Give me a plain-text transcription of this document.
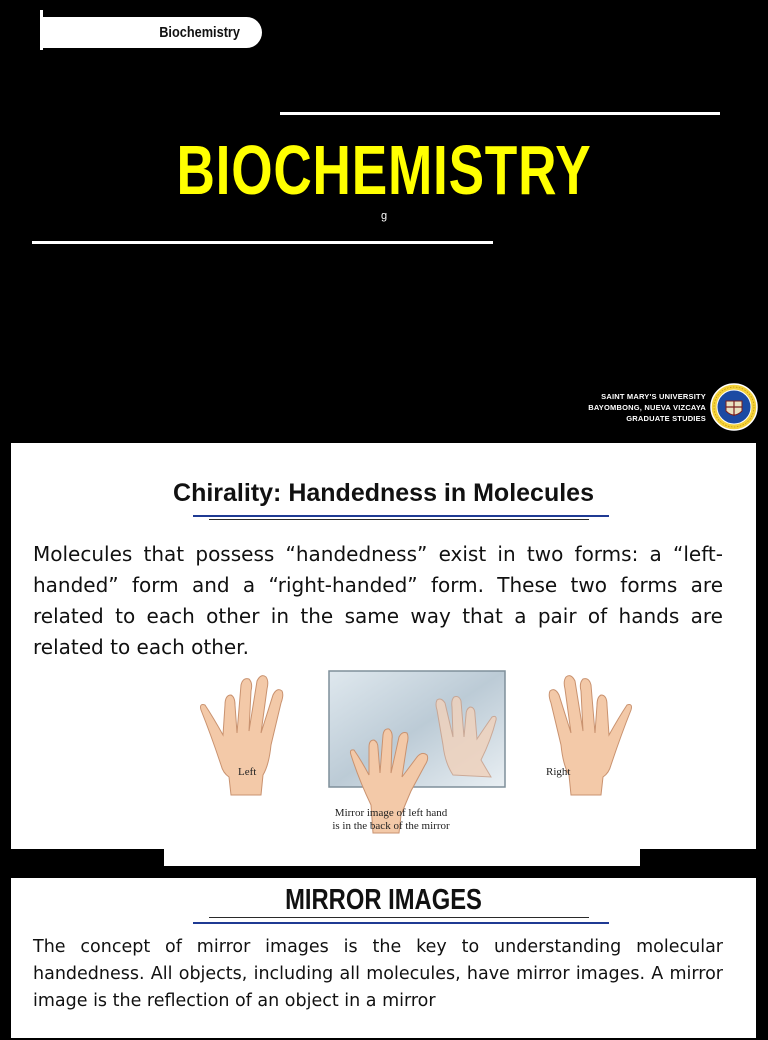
Biochemistry
BIOCHEMISTRY
g
SAINT MARY'S UNIVERSITY
BAYOMBONG, NUEVA VIZCAYA
GRADUATE STUDIES
Chirality: Handedness in Molecules
Molecules that possess “handedness” exist in two forms: a “left-handed” form and a “right-handed” form. These two forms are related to each other in the same way that a pair of hands are related to each other.
Left	Right
Mirror image of left hand
is in the back of the mirror
MIRROR IMAGES
The concept of mirror images is the key to understanding molecular handedness. All objects, including all molecules, have mirror images. A mirror image is the reflection of an object in a mirror
